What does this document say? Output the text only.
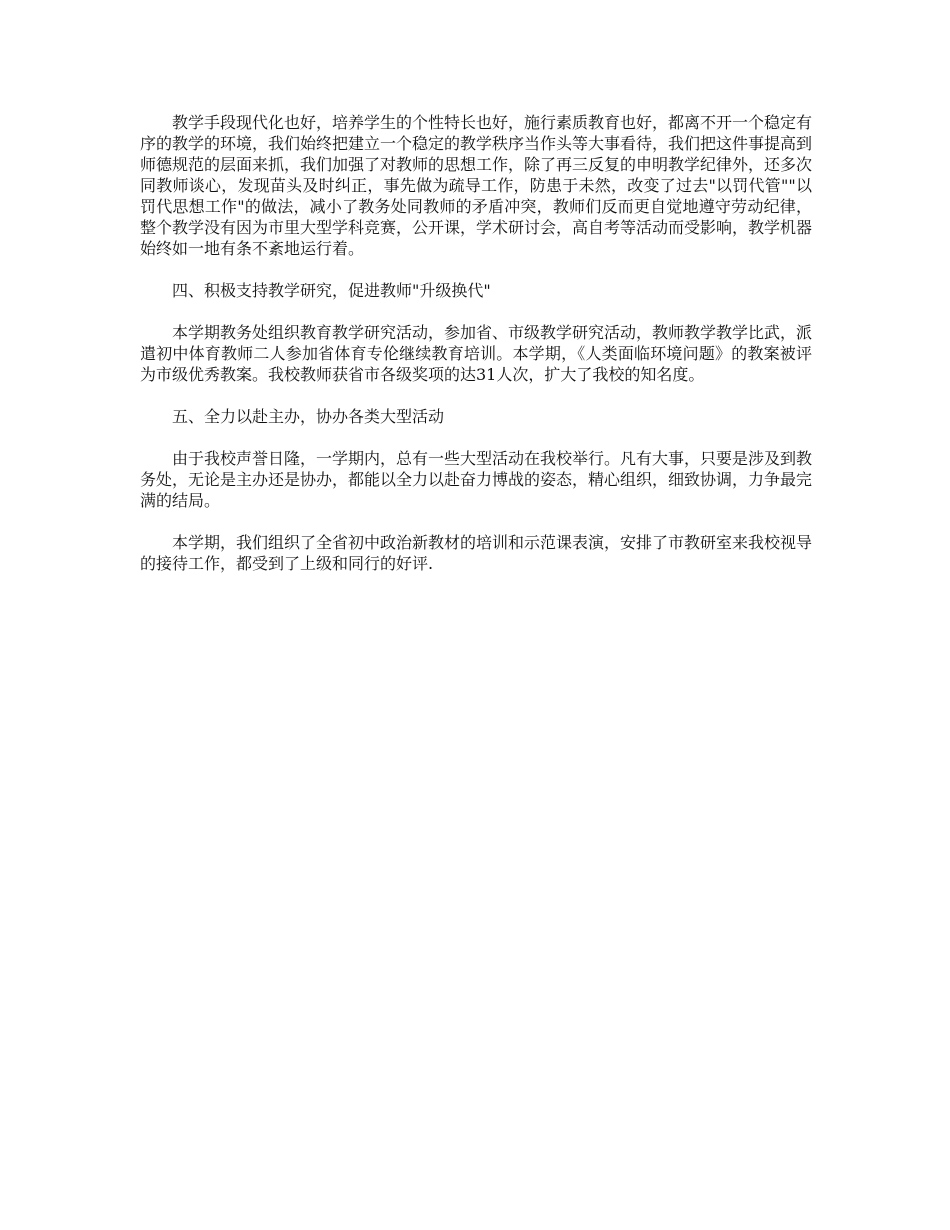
教学手段现代化也好，培养学生的个性特长也好，施行素质教育也好，都离不开一个稳定有序的教学的环境，我们始终把建立一个稳定的教学秩序当作头等大事看待，我们把这件事提高到师德规范的层面来抓，我们加强了对教师的思想工作，除了再三反复的申明教学纪律外，还多次同教师谈心，发现苗头及时纠正，事先做为疏导工作，防患于未然，改变了过去"以罚代管""以罚代思想工作"的做法，减小了教务处同教师的矛盾冲突，教师们反而更自觉地遵守劳动纪律，整个教学没有因为市里大型学科竞赛，公开课，学术研讨会，高自考等活动而受影响，教学机器始终如一地有条不紊地运行着。

四、积极支持教学研究，促进教师"升级换代"

本学期教务处组织教育教学研究活动，参加省、市级教学研究活动，教师教学教学比武，派遣初中体育教师二人参加省体育专伦继续教育培训。本学期，《人类面临环境问题》的教案被评为市级优秀教案。我校教师获省市各级奖项的达31人次，扩大了我校的知名度。

五、全力以赴主办，协办各类大型活动

由于我校声誉日隆，一学期内，总有一些大型活动在我校举行。凡有大事，只要是涉及到教务处，无论是主办还是协办，都能以全力以赴奋力博战的姿态，精心组织，细致协调，力争最完满的结局。

本学期，我们组织了全省初中政治新教材的培训和示范课表演，安排了市教研室来我校视导的接待工作，都受到了上级和同行的好评.
